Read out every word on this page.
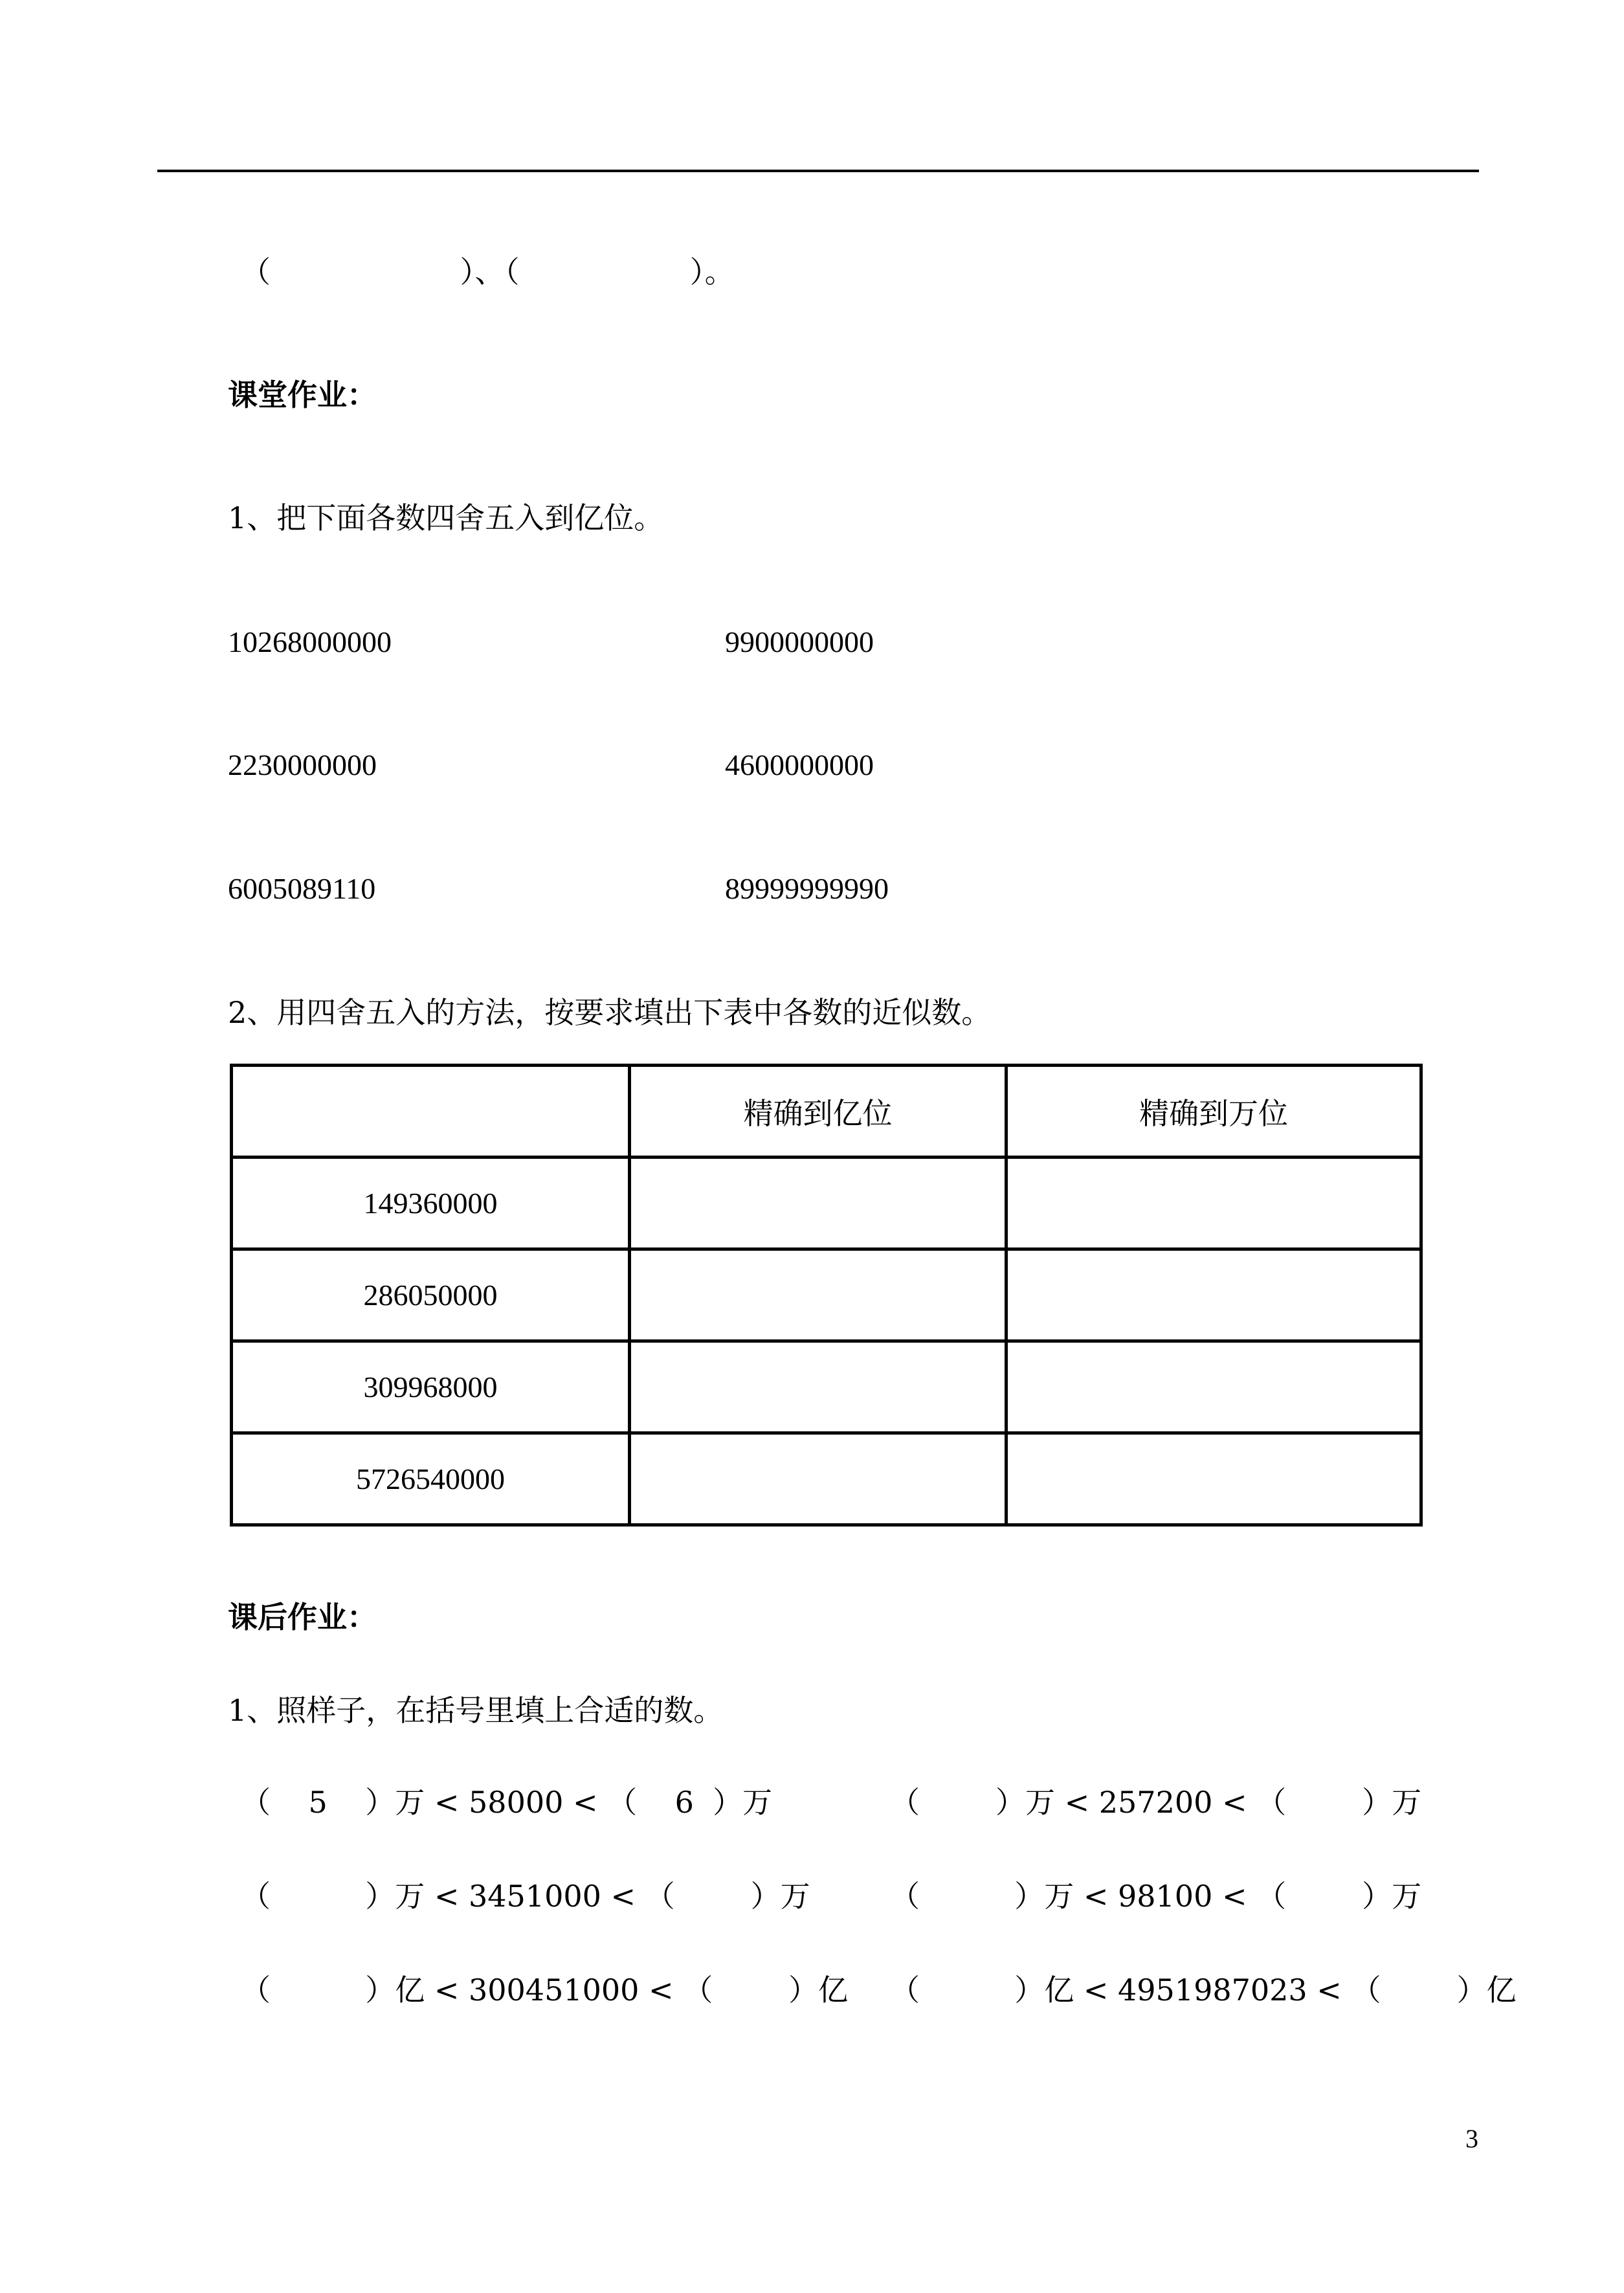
（                    ）、（                  ）。
课堂作业：
1、把下面各数四舍五入到亿位。
10268000000	9900000000
2230000000	4600000000
6005089110	89999999990
2、用四舍五入的方法，按要求填出下表中各数的近似数。
	精确到亿位	精确到万位
149360000		
286050000		
309968000		
5726540000		
课后作业：
1、照样子，在括号里填上合适的数。
（    5    ）万 < 58000 < （    6  ）万	（        ）万 < 257200 < （        ）万
（          ）万 < 3451000 < （        ）万	（          ）万 < 98100 < （        ）万
（          ）亿 < 300451000 < （        ）亿 （          ）亿 < 4951987023 < （        ）亿
3
